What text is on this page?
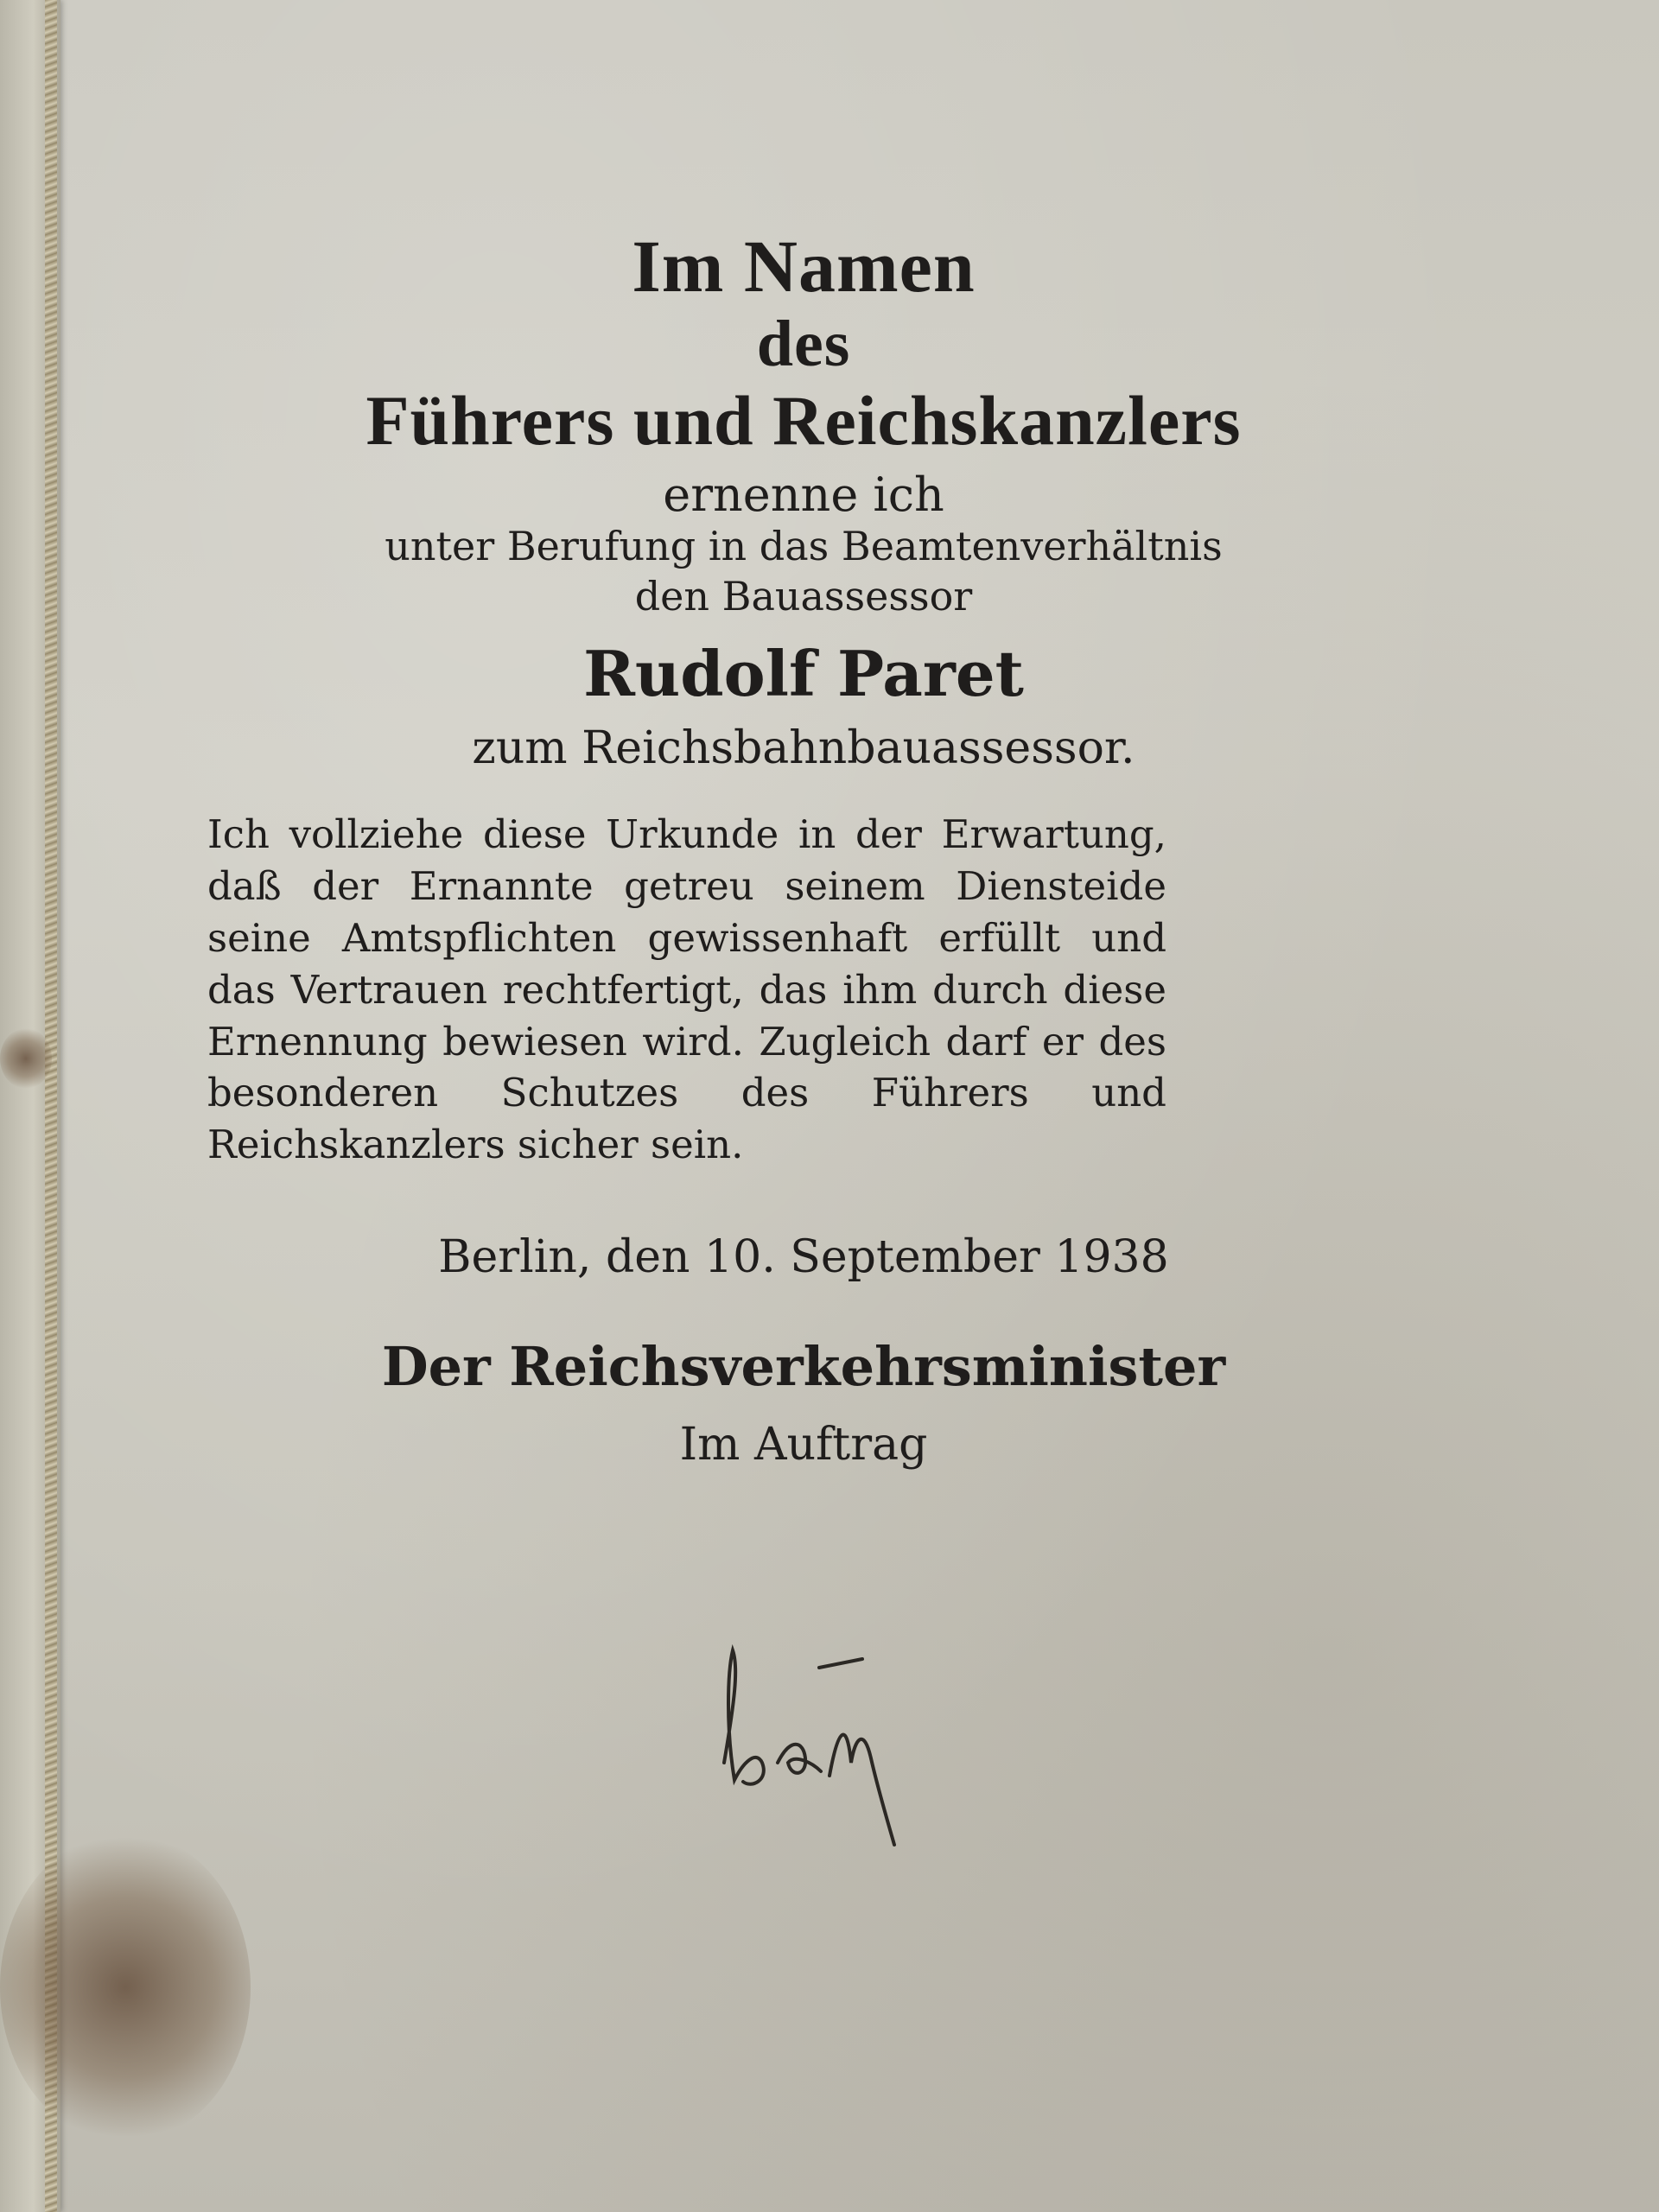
Im Namen
des
Führers und Reichskanzlers
ernenne ich
unter Berufung in das Beamtenverhältnis
den Bauassessor
Rudolf Paret
zum Reichsbahnbauassessor.
Ich vollziehe diese Urkunde in der Erwartung, daß der Ernannte getreu seinem Diensteide seine Amtspflichten gewissenhaft erfüllt und das Vertrauen rechtfertigt, das ihm durch diese Ernennung bewiesen wird. Zugleich darf er des besonderen Schutzes des Führers und Reichskanzlers sicher sein.
Berlin, den 10. September 1938
Der Reichsverkehrsminister
Im Auftrag
